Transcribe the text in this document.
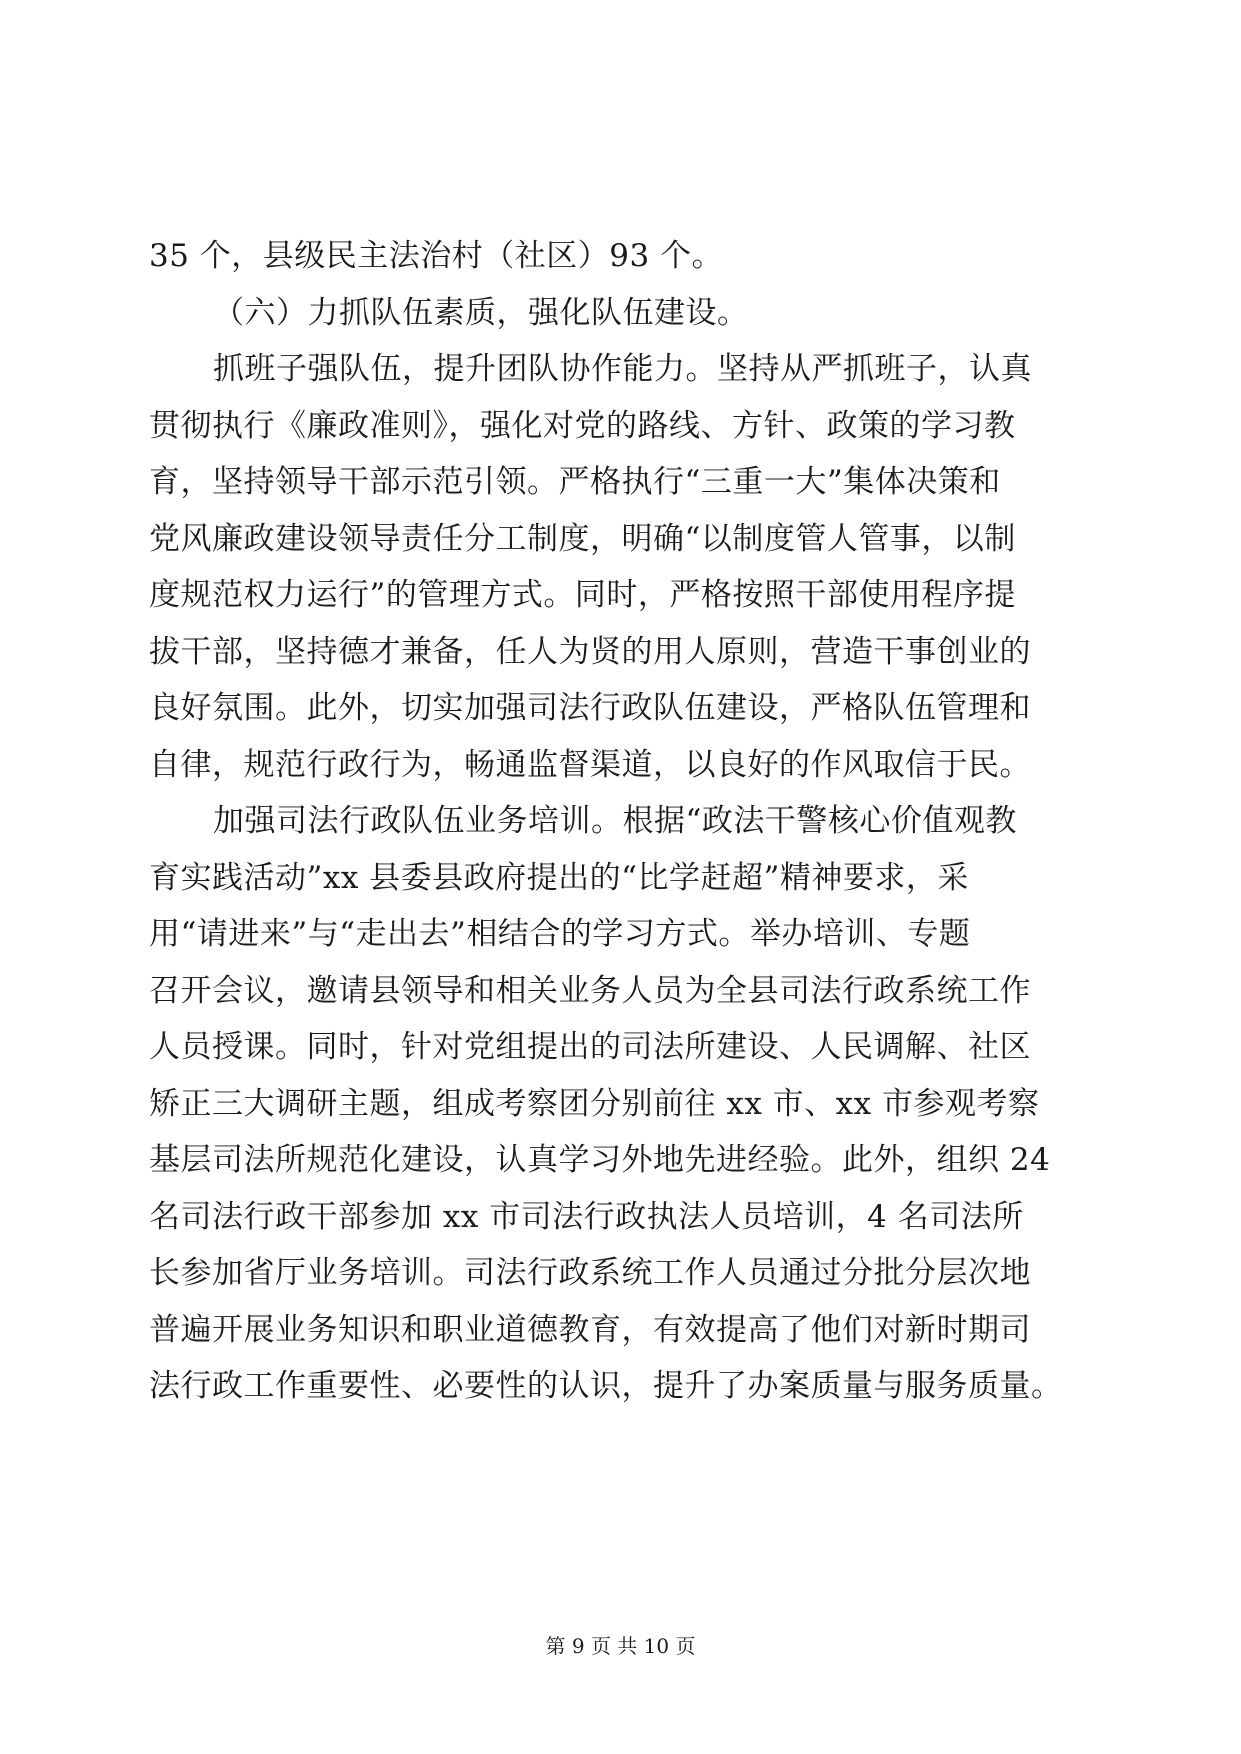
35 个，县级民主法治村（社区）93 个。
（六）力抓队伍素质，强化队伍建设。
抓班子强队伍，提升团队协作能力。坚持从严抓班子，认真
贯彻执行《廉政准则》，强化对党的路线、方针、政策的学习教
育，坚持领导干部示范引领。严格执行“三重一大”集体决策和
党风廉政建设领导责任分工制度，明确“以制度管人管事，以制
度规范权力运行”的管理方式。同时，严格按照干部使用程序提
拔干部，坚持德才兼备，任人为贤的用人原则，营造干事创业的
良好氛围。此外，切实加强司法行政队伍建设，严格队伍管理和
自律，规范行政行为，畅通监督渠道，以良好的作风取信于民。
加强司法行政队伍业务培训。根据“政法干警核心价值观教
育实践活动”xx 县委县政府提出的“比学赶超”精神要求，采
用“请进来”与“走出去”相结合的学习方式。举办培训、专题
召开会议，邀请县领导和相关业务人员为全县司法行政系统工作
人员授课。同时，针对党组提出的司法所建设、人民调解、社区
矫正三大调研主题，组成考察团分别前往 xx 市、xx 市参观考察
基层司法所规范化建设，认真学习外地先进经验。此外，组织 24
名司法行政干部参加 xx 市司法行政执法人员培训，4 名司法所
长参加省厅业务培训。司法行政系统工作人员通过分批分层次地
普遍开展业务知识和职业道德教育，有效提高了他们对新时期司
法行政工作重要性、必要性的认识，提升了办案质量与服务质量。
第 9 页 共 10 页
